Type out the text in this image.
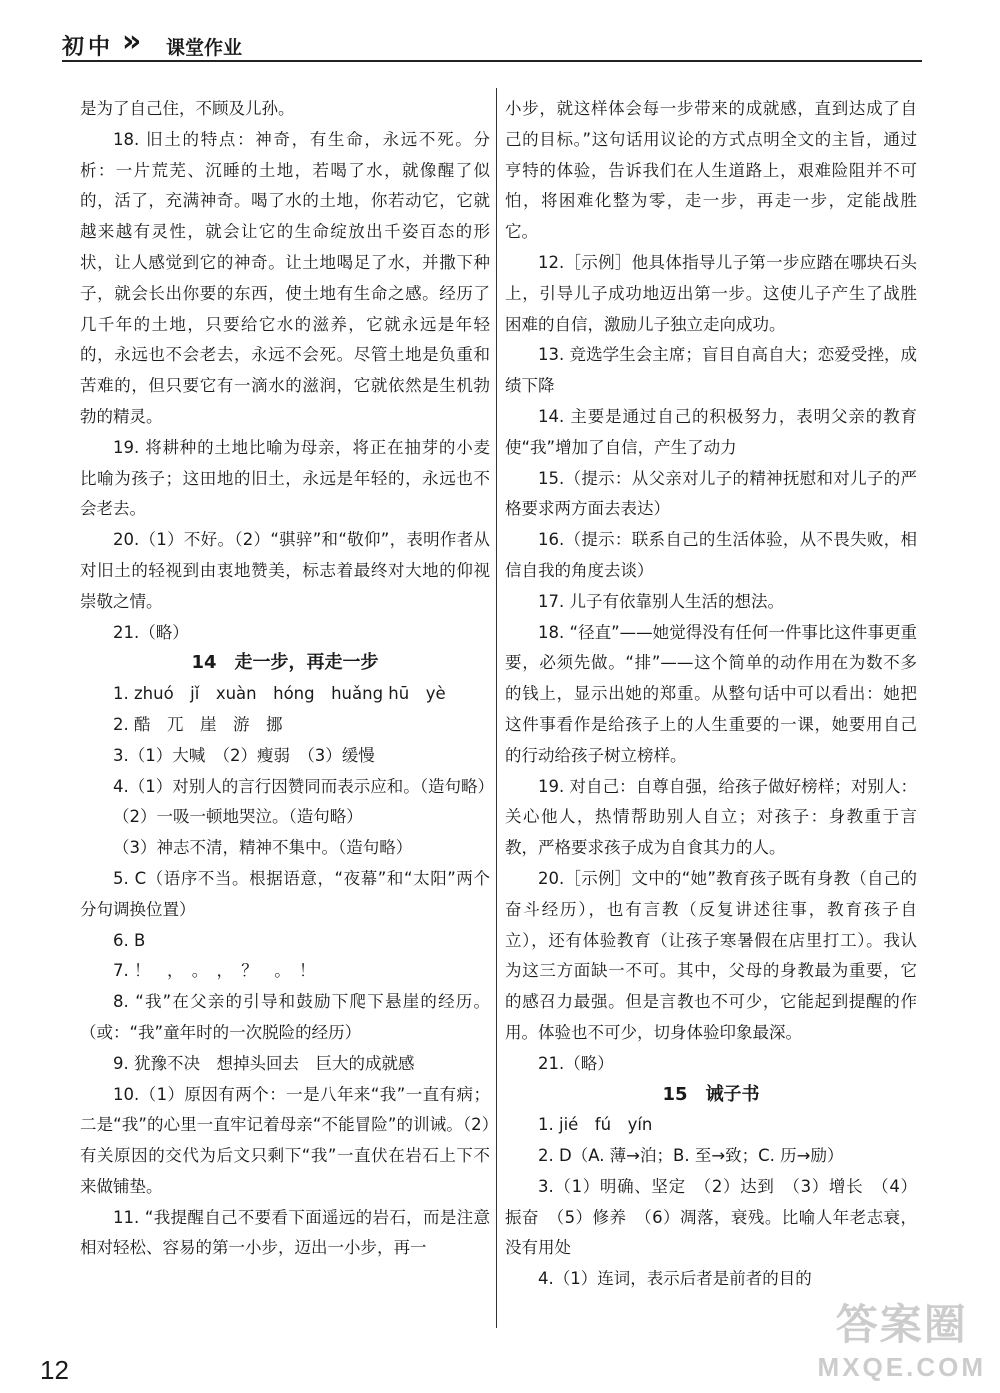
初中 » 课堂作业

是为了自己住，不顾及儿孙。

18. 旧土的特点：神奇，有生命，永远不死。分析：一片荒芜、沉睡的土地，若喝了水，就像醒了似的，活了，充满神奇。喝了水的土地，你若动它，它就越来越有灵性，就会让它的生命绽放出千姿百态的形状，让人感觉到它的神奇。让土地喝足了水，并撒下种子，就会长出你要的东西，使土地有生命之感。经历了几千年的土地，只要给它水的滋养，它就永远是年轻的，永远也不会老去，永远不会死。尽管土地是负重和苦难的，但只要它有一滴水的滋润，它就依然是生机勃勃的精灵。

19. 将耕种的土地比喻为母亲，将正在抽芽的小麦比喻为孩子；这田地的旧土，永远是年轻的，永远也不会老去。

20.（1）不好。（2）“骐骍”和“敬仰”，表明作者从对旧土的轻视到由衷地赞美，标志着最终对大地的仰视崇敬之情。

21.（略）

14　走一步，再走一步

1. zhuó　jǐ　xuàn　hóng　huǎng hū　yè

2. 酷　兀　崖　游　挪

3.（1）大喊　（2）瘦弱　（3）缓慢

4.（1）对别人的言行因赞同而表示应和。（造句略）

（2）一吸一顿地哭泣。（造句略）

（3）神志不清，精神不集中。（造句略）

5. C（语序不当。根据语意，“夜幕”和“太阳”两个分句调换位置）

6. B

7. ！　，　。　，　？　。　！

8. “我”在父亲的引导和鼓励下爬下悬崖的经历。（或：“我”童年时的一次脱险的经历）

9. 犹豫不决　想掉头回去　巨大的成就感

10.（1）原因有两个：一是八年来“我”一直有病；二是“我”的心里一直牢记着母亲“不能冒险”的训诫。（2）有关原因的交代为后文只剩下“我”一直伏在岩石上下不来做铺垫。

11. “我提醒自己不要看下面遥远的岩石，而是注意相对轻松、容易的第一小步，迈出一小步，再一

小步，就这样体会每一步带来的成就感，直到达成了自己的目标。”这句话用议论的方式点明全文的主旨，通过亨特的体验，告诉我们在人生道路上，艰难险阻并不可怕，将困难化整为零，走一步，再走一步，定能战胜它。

12.［示例］他具体指导儿子第一步应踏在哪块石头上，引导儿子成功地迈出第一步。这使儿子产生了战胜困难的自信，激励儿子独立走向成功。

13. 竞选学生会主席；盲目自高自大；恋爱受挫，成绩下降

14. 主要是通过自己的积极努力，表明父亲的教育使“我”增加了自信，产生了动力

15.（提示：从父亲对儿子的精神抚慰和对儿子的严格要求两方面去表达）

16.（提示：联系自己的生活体验，从不畏失败，相信自我的角度去谈）

17. 儿子有依靠别人生活的想法。

18. “径直”——她觉得没有任何一件事比这件事更重要，必须先做。“排”——这个简单的动作用在为数不多的钱上，显示出她的郑重。从整句话中可以看出：她把这件事看作是给孩子上的人生重要的一课，她要用自己的行动给孩子树立榜样。

19. 对自己：自尊自强，给孩子做好榜样；对别人：关心他人，热情帮助别人自立；对孩子：身教重于言教，严格要求孩子成为自食其力的人。

20.［示例］文中的“她”教育孩子既有身教（自己的奋斗经历），也有言教（反复讲述往事，教育孩子自立），还有体验教育（让孩子寒暑假在店里打工）。我认为这三方面缺一不可。其中，父母的身教最为重要，它的感召力最强。但是言教也不可少，它能起到提醒的作用。体验也不可少，切身体验印象最深。

21.（略）

15　诫子书

1. jié　fú　yín

2. D（A. 薄→泊；B. 至→致；C. 历→励）

3.（1）明确、坚定　（2）达到　（3）增长　（4）振奋　（5）修养　（6）凋落，衰残。比喻人年老志衰，没有用处

4.（1）连词，表示后者是前者的目的

12
答案圈
MXQE.COM
